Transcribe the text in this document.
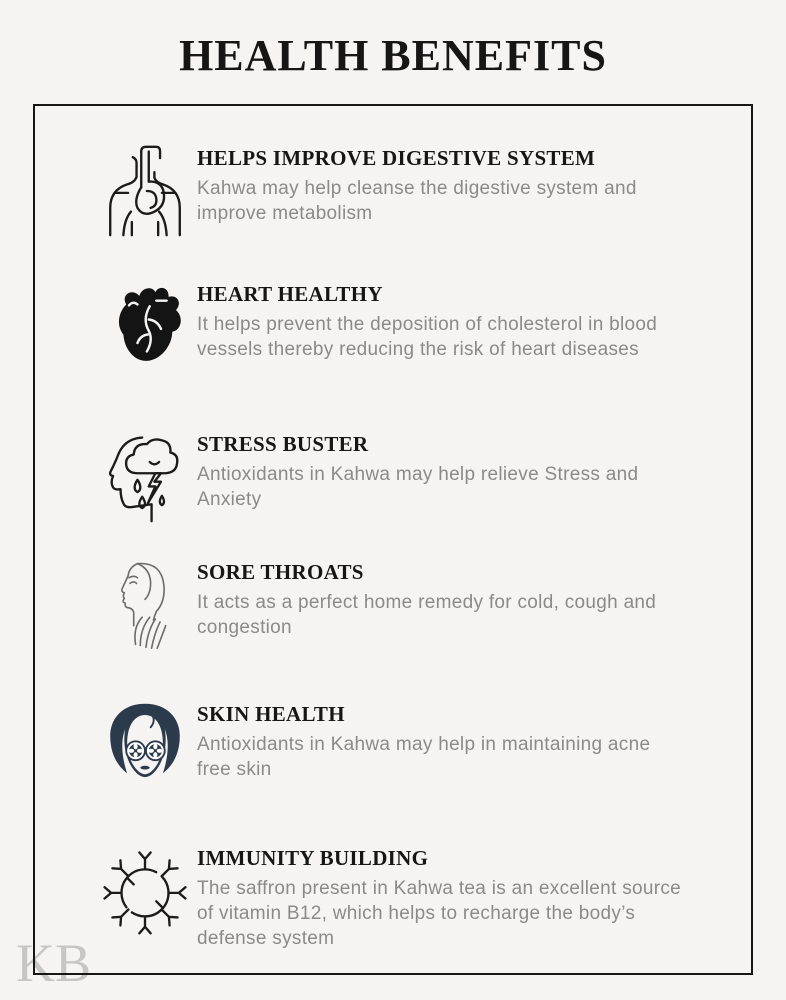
HEALTH BENEFITS
KB
HELPS IMPROVE DIGESTIVE SYSTEM
Kahwa may help cleanse the digestive system and
improve metabolism
HEART HEALTHY
It helps prevent the deposition of cholesterol in blood
vessels thereby reducing the risk of heart diseases
STRESS BUSTER
Antioxidants in Kahwa may help relieve Stress and
Anxiety
SORE THROATS
It acts as a perfect home remedy for cold, cough and
congestion
SKIN HEALTH
Antioxidants in Kahwa may help in maintaining acne
free skin
IMMUNITY BUILDING
The saffron present in Kahwa tea is an excellent source
of vitamin B12, which helps to recharge the body’s
defense system
